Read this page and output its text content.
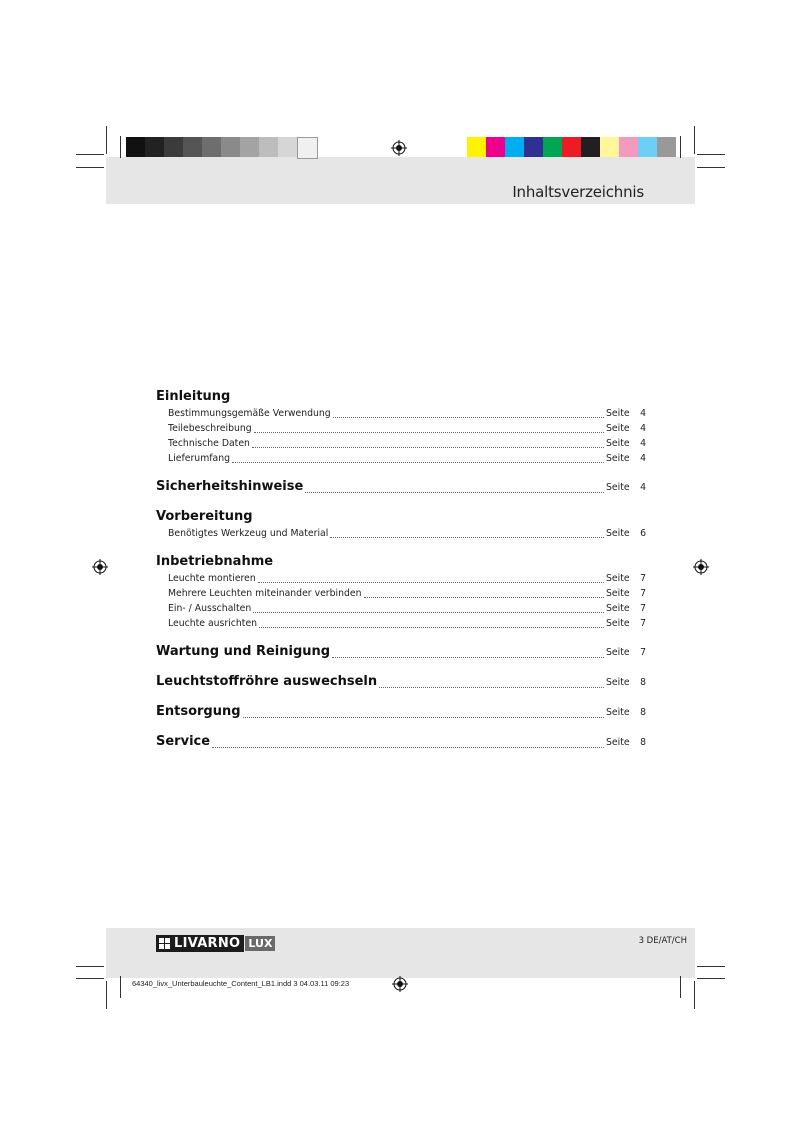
Inhaltsverzeichnis
Einleitung
Bestimmungsgemäße Verwendung	Seite	4
Teilebeschreibung	Seite	4
Technische Daten	Seite	4
Lieferumfang	Seite	4
Sicherheitshinweise	Seite	4
Vorbereitung
Benötigtes Werkzeug und Material	Seite	6
Inbetriebnahme
Leuchte montieren	Seite	7
Mehrere Leuchten miteinander verbinden	Seite	7
Ein- / Ausschalten	Seite	7
Leuchte ausrichten	Seite	7
Wartung und Reinigung	Seite	7
Leuchtstoffröhre auswechseln	Seite	8
Entsorgung	Seite	8
Service	Seite	8
LIVARNO LUX	3 DE/AT/CH
64340_livx_Unterbauleuchte_Content_LB1.indd 3 04.03.11 09:23
